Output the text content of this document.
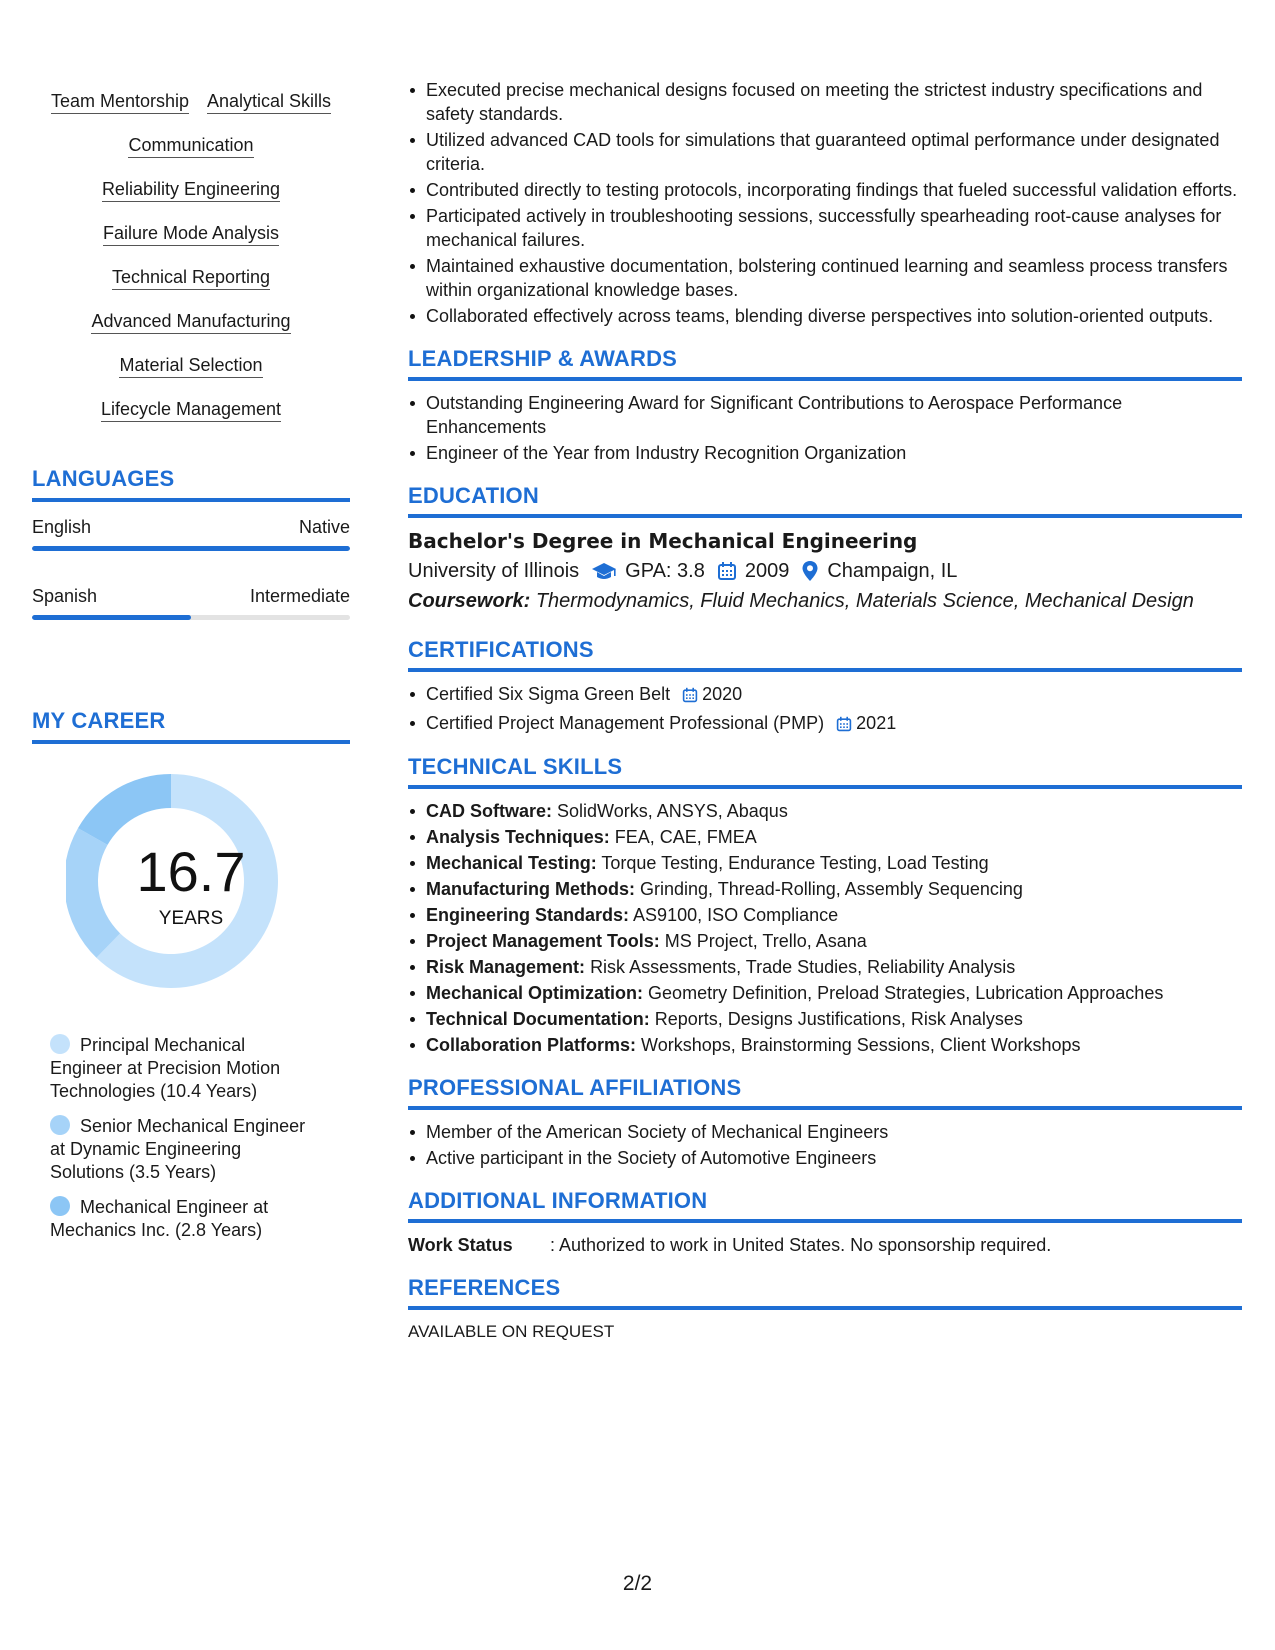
Team Mentorship Analytical Skills
Communication
Reliability Engineering
Failure Mode Analysis
Technical Reporting
Advanced Manufacturing
Material Selection
Lifecycle Management
LANGUAGES
English	Native
Spanish	Intermediate
MY CAREER
16.7
YEARS
Principal Mechanical Engineer at Precision Motion Technologies (10.4 Years)
Senior Mechanical Engineer at Dynamic Engineering Solutions (3.5 Years)
Mechanical Engineer at Mechanics Inc. (2.8 Years)
Executed precise mechanical designs focused on meeting the strictest industry specifications and safety standards.
Utilized advanced CAD tools for simulations that guaranteed optimal performance under designated criteria.
Contributed directly to testing protocols, incorporating findings that fueled successful validation efforts.
Participated actively in troubleshooting sessions, successfully spearheading root-cause analyses for mechanical failures.
Maintained exhaustive documentation, bolstering continued learning and seamless process transfers within organizational knowledge bases.
Collaborated effectively across teams, blending diverse perspectives into solution-oriented outputs.
LEADERSHIP & AWARDS
Outstanding Engineering Award for Significant Contributions to Aerospace Performance Enhancements
Engineer of the Year from Industry Recognition Organization
EDUCATION
Bachelor's Degree in Mechanical Engineering
University of Illinois GPA: 3.8 2009 Champaign, IL
Coursework: Thermodynamics, Fluid Mechanics, Materials Science, Mechanical Design
CERTIFICATIONS
Certified Six Sigma Green Belt 2020
Certified Project Management Professional (PMP) 2021
TECHNICAL SKILLS
CAD Software: SolidWorks, ANSYS, Abaqus
Analysis Techniques: FEA, CAE, FMEA
Mechanical Testing: Torque Testing, Endurance Testing, Load Testing
Manufacturing Methods: Grinding, Thread-Rolling, Assembly Sequencing
Engineering Standards: AS9100, ISO Compliance
Project Management Tools: MS Project, Trello, Asana
Risk Management: Risk Assessments, Trade Studies, Reliability Analysis
Mechanical Optimization: Geometry Definition, Preload Strategies, Lubrication Approaches
Technical Documentation: Reports, Designs Justifications, Risk Analyses
Collaboration Platforms: Workshops, Brainstorming Sessions, Client Workshops
PROFESSIONAL AFFILIATIONS
Member of the American Society of Mechanical Engineers
Active participant in the Society of Automotive Engineers
ADDITIONAL INFORMATION
Work Status	: Authorized to work in United States. No sponsorship required.
REFERENCES
AVAILABLE ON REQUEST
2/2
